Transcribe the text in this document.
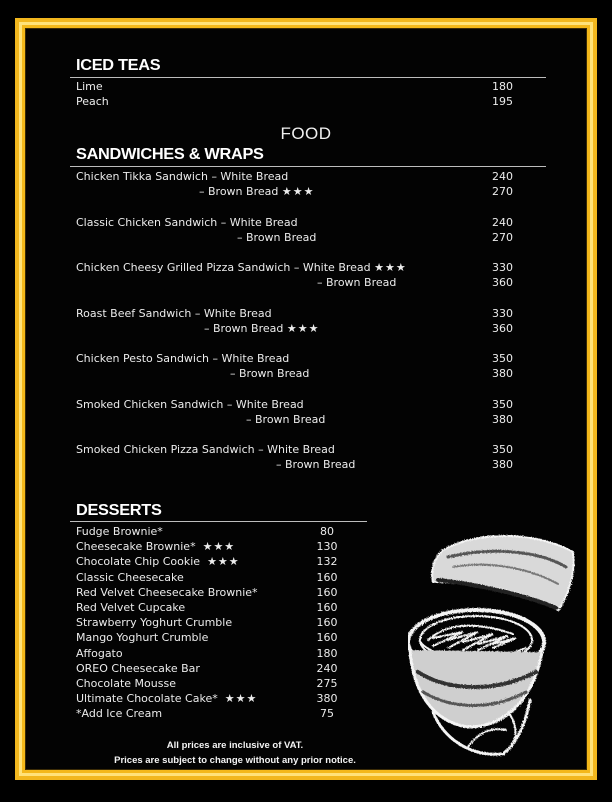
ICED TEAS
Lime	180
Peach	195
FOOD
SANDWICHES & WRAPS
Chicken Tikka Sandwich – White Bread	240
– Brown Bread ★★★	270
Classic Chicken Sandwich – White Bread	240
– Brown Bread	270
Chicken Cheesy Grilled Pizza Sandwich – White Bread ★★★	330
– Brown Bread	360
Roast Beef Sandwich – White Bread	330
– Brown Bread ★★★	360
Chicken Pesto Sandwich – White Bread	350
– Brown Bread	380
Smoked Chicken Sandwich – White Bread	350
– Brown Bread	380
Smoked Chicken Pizza Sandwich – White Bread	350
– Brown Bread	380
DESSERTS
Fudge Brownie*	80
Cheesecake Brownie* ★★★	130
Chocolate Chip Cookie ★★★	132
Classic Cheesecake	160
Red Velvet Cheesecake Brownie*	160
Red Velvet Cupcake	160
Strawberry Yoghurt Crumble	160
Mango Yoghurt Crumble	160
Affogato	180
OREO Cheesecake Bar	240
Chocolate Mousse	275
Ultimate Chocolate Cake* ★★★	380
*Add Ice Cream	75
All prices are inclusive of VAT.
Prices are subject to change without any prior notice.
